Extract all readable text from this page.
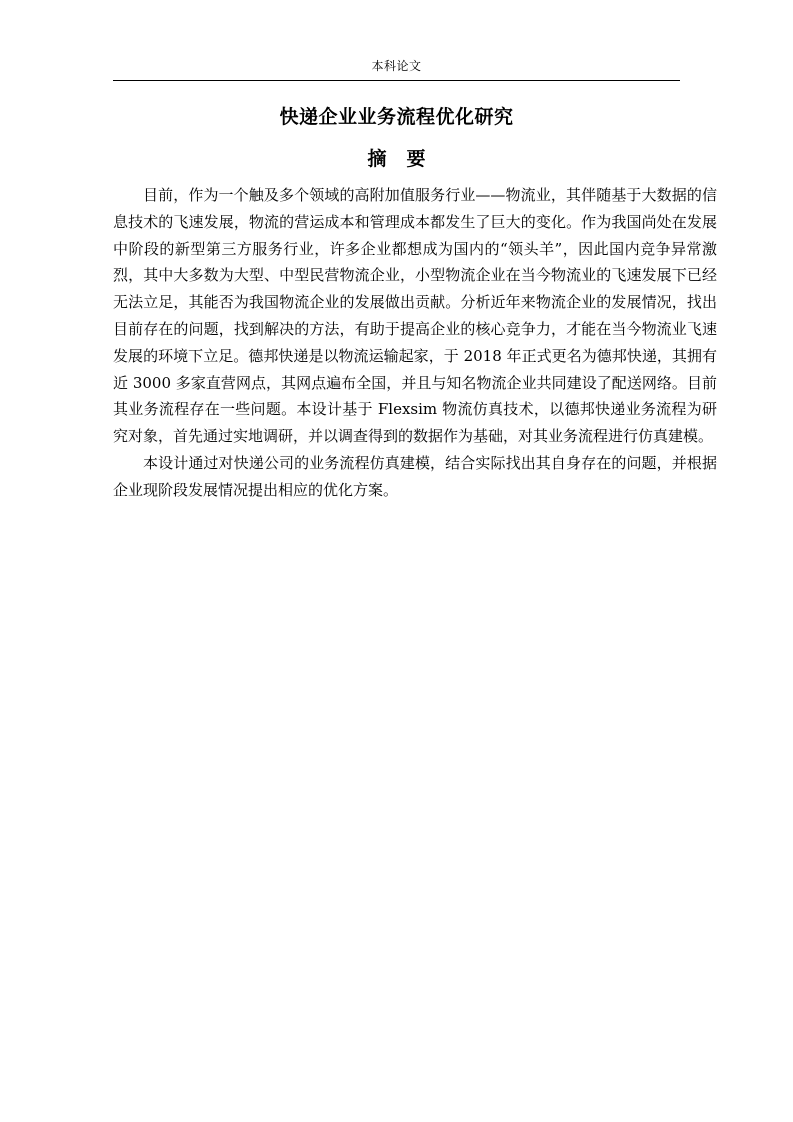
本科论文
快递企业业务流程优化研究
摘要

目前，作为一个触及多个领域的高附加值服务行业——物流业，其伴随基于大数据的信息技术的飞速发展，物流的营运成本和管理成本都发生了巨大的变化。作为我国尚处在发展中阶段的新型第三方服务行业，许多企业都想成为国内的“领头羊”，因此国内竞争异常激烈，其中大多数为大型、中型民营物流企业，小型物流企业在当今物流业的飞速发展下已经无法立足，其能否为我国物流企业的发展做出贡献。分析近年来物流企业的发展情况，找出目前存在的问题，找到解决的方法，有助于提高企业的核心竞争力，才能在当今物流业飞速发展的环境下立足。德邦快递是以物流运输起家，于 2018 年正式更名为德邦快递，其拥有近 3000 多家直营网点，其网点遍布全国，并且与知名物流企业共同建设了配送网络。目前其业务流程存在一些问题。本设计基于 Flexsim 物流仿真技术，以德邦快递业务流程为研究对象，首先通过实地调研，并以调查得到的数据作为基础，对其业务流程进行仿真建模。

本设计通过对快递公司的业务流程仿真建模，结合实际找出其自身存在的问题，并根据企业现阶段发展情况提出相应的优化方案。
